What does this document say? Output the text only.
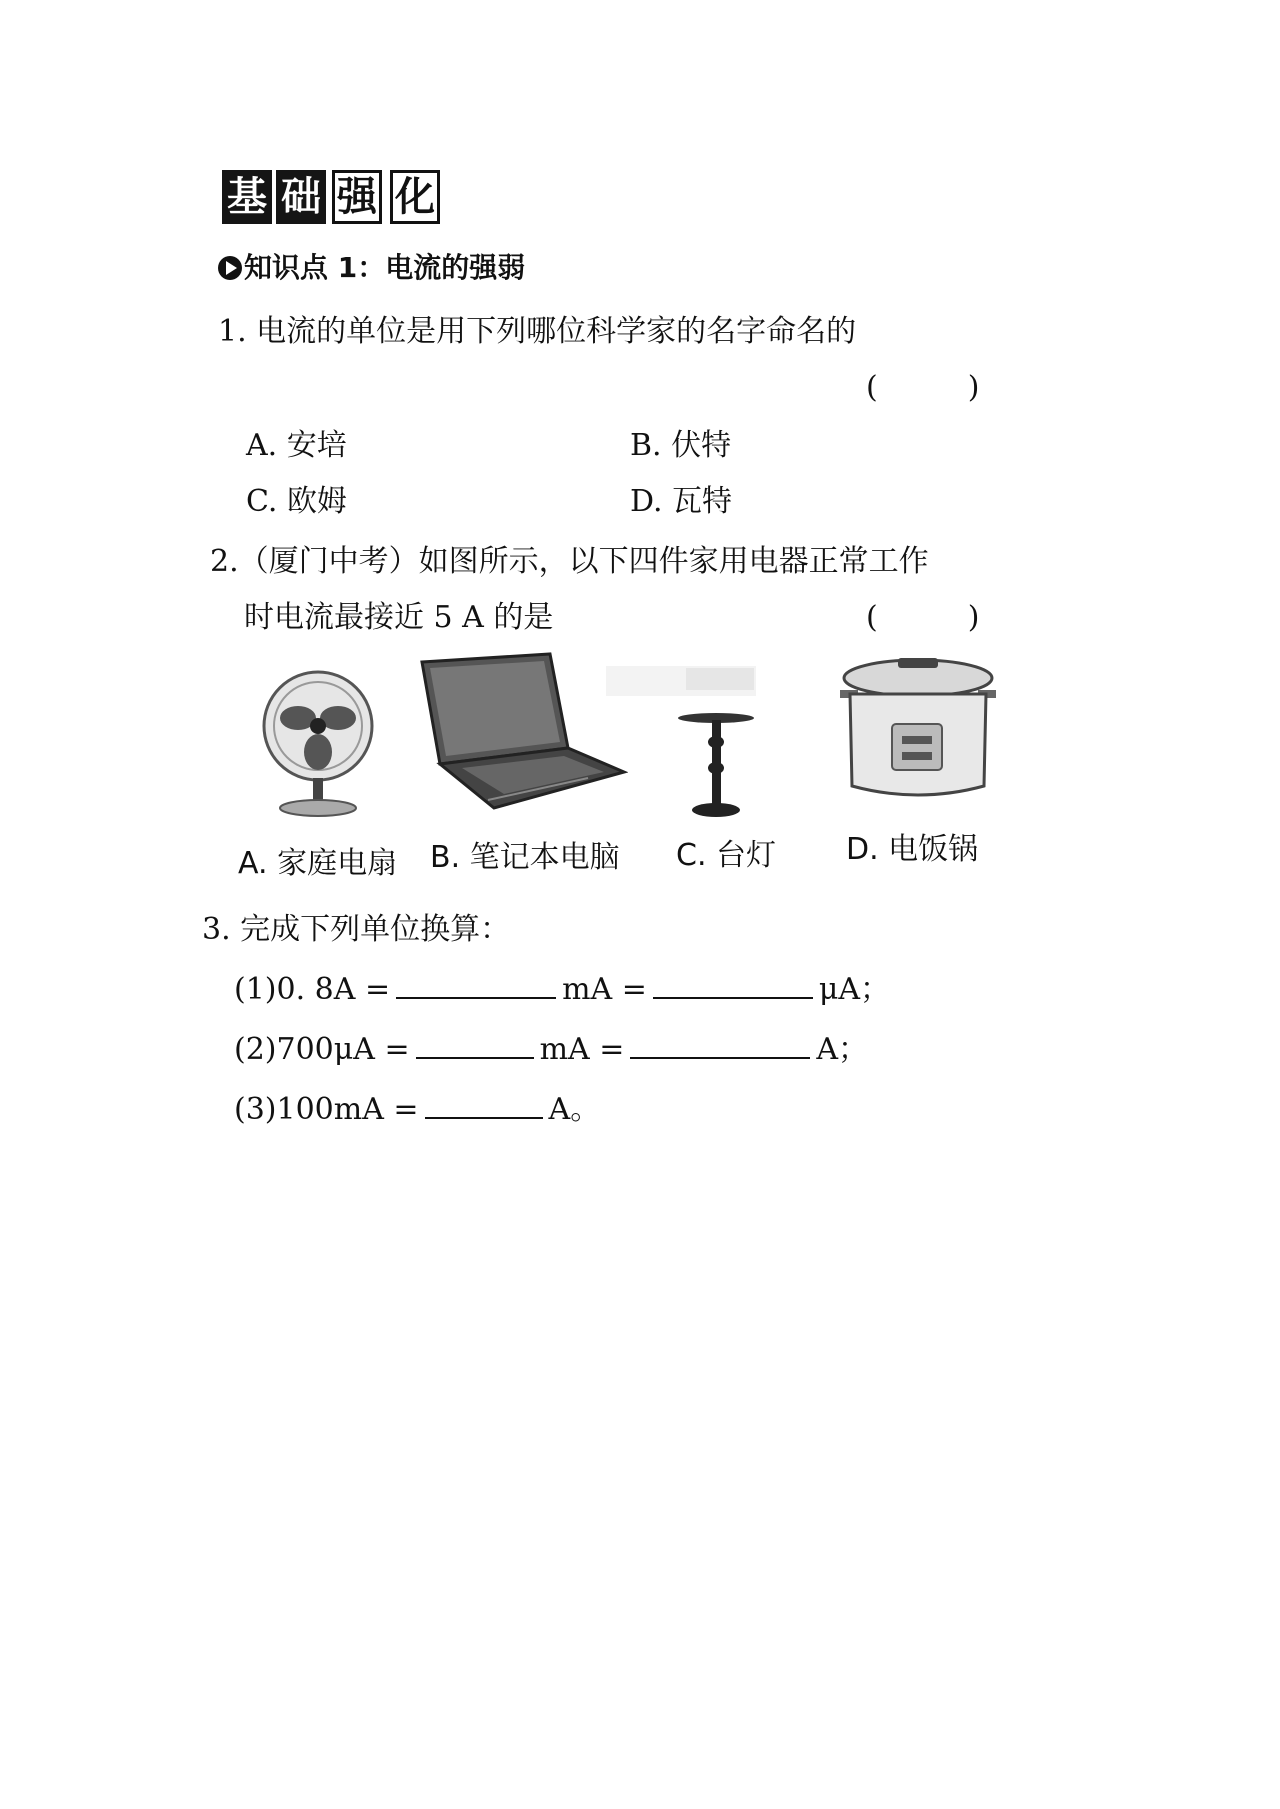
基 础 强 化
知识点 1：电流的强弱
1. 电流的单位是用下列哪位科学家的名字命名的
(　　　)
A. 安培	B. 伏特
C. 欧姆	D. 瓦特
2.（厦门中考）如图所示，以下四件家用电器正常工作
时电流最接近 5 A 的是	(　　　)
A. 家庭电扇 B. 笔记本电脑 C. 台灯 D. 电饭锅
3. 完成下列单位换算：
(1)0. 8A =	mA =	μA；
(2)700μA =	mA =	A；
(3)100mA =	A。
